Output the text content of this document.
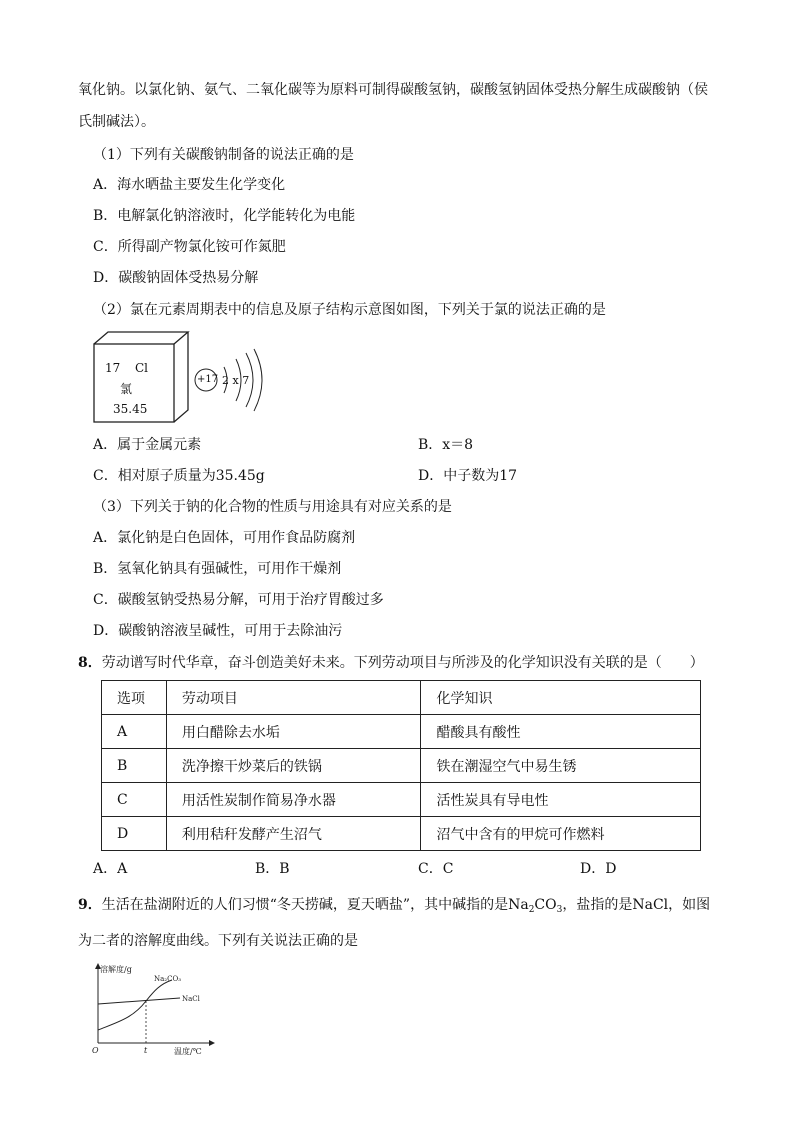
氧化钠。以氯化钠、氨气、二氧化碳等为原料可制得碳酸氢钠，碳酸氢钠固体受热分解生成碳酸钠（侯
氏制碱法）。
（1）下列有关碳酸钠制备的说法正确的是
A．海水晒盐主要发生化学变化
B．电解氯化钠溶液时，化学能转化为电能
C．所得副产物氯化铵可作氮肥
D．碳酸钠固体受热易分解
（2）氯在元素周期表中的信息及原子结构示意图如图，下列关于氯的说法正确的是
17 Cl
氯
35.45
+17 2 x 7
A．属于金属元素	B．x＝8
C．相对原子质量为35.45g	D．中子数为17
（3）下列关于钠的化合物的性质与用途具有对应关系的是
A．氯化钠是白色固体，可用作食品防腐剂
B．氢氧化钠具有强碱性，可用作干燥剂
C．碳酸氢钠受热易分解，可用于治疗胃酸过多
D．碳酸钠溶液呈碱性，可用于去除油污
8．劳动谱写时代华章，奋斗创造美好未来。下列劳动项目与所涉及的化学知识没有关联的是（　　）
选项	劳动项目	化学知识
A	用白醋除去水垢	醋酸具有酸性
B	洗净擦干炒菜后的铁锅	铁在潮湿空气中易生锈
C	用活性炭制作简易净水器	活性炭具有导电性
D	利用秸秆发酵产生沼气	沼气中含有的甲烷可作燃料
A．A	B．B	C．C	D．D
9．生活在盐湖附近的人们习惯“冬天捞碱，夏天晒盐”，其中碱指的是$Na_2CO_3$，盐指的是NaCl，如图
为二者的溶解度曲线。下列有关说法正确的是
溶解度/g
Na₂CO₃
NaCl
O	t	温度/℃
